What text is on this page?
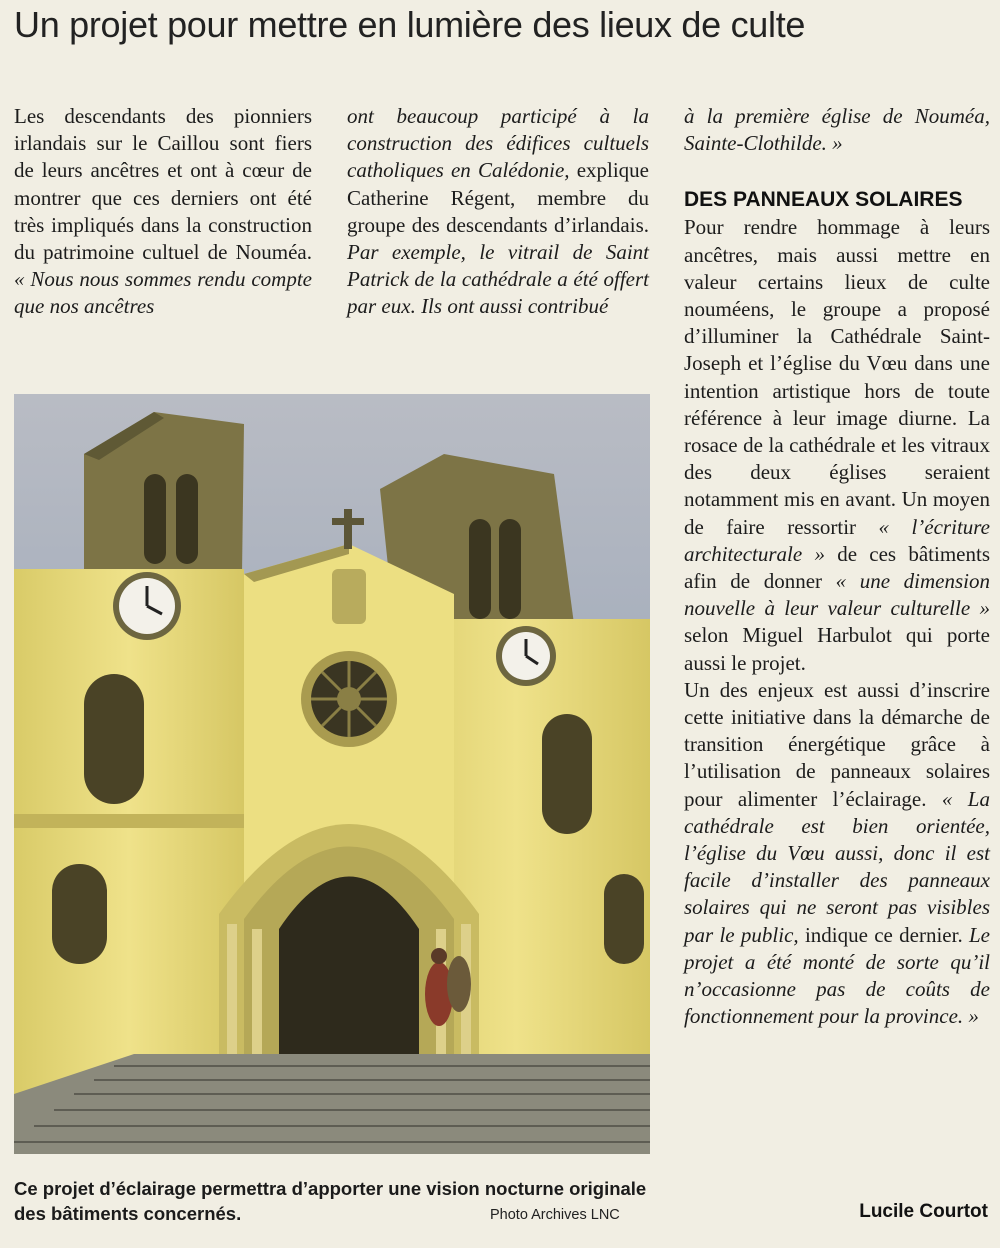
Un projet pour mettre en lumière des lieux de culte

Les descendants des pionniers irlandais sur le Caillou sont fiers de leurs ancêtres et ont à cœur de montrer que ces derniers ont été très impliqués dans la construction du patrimoine cultuel de Nouméa. « Nous nous sommes rendu compte que nos ancêtres

ont beaucoup participé à la construction des édifices cultuels catholiques en Calédonie, explique Catherine Régent, membre du groupe des descendants d’irlandais. Par exemple, le vitrail de Saint Patrick de la cathédrale a été offert par eux. Ils ont aussi contribué

à la première église de Nouméa, Sainte-Clothilde. »

DES PANNEAUX SOLAIRES

Pour rendre hommage à leurs ancêtres, mais aussi mettre en valeur certains lieux de culte nouméens, le groupe a proposé d’illuminer la Cathédrale Saint-Joseph et l’église du Vœu dans une intention artistique hors de toute référence à leur image diurne. La rosace de la cathédrale et les vitraux des deux églises seraient notamment mis en avant. Un moyen de faire ressortir « l’écriture architecturale » de ces bâtiments afin de donner « une dimension nouvelle à leur valeur culturelle » selon Miguel Harbulot qui porte aussi le projet.

Un des enjeux est aussi d’inscrire cette initiative dans la démarche de transition énergétique grâce à l’utilisation de panneaux solaires pour alimenter l’éclairage. « La cathédrale est bien orientée, l’église du Vœu aussi, donc il est facile d’installer des panneaux solaires qui ne seront pas visibles par le public, indique ce dernier. Le projet a été monté de sorte qu’il n’occasionne pas de coûts de fonctionnement pour la province. »

Ce projet d’éclairage permettra d’apporter une vision nocturne originale des bâtiments concernés.	Photo Archives LNC	Lucile Courtot
